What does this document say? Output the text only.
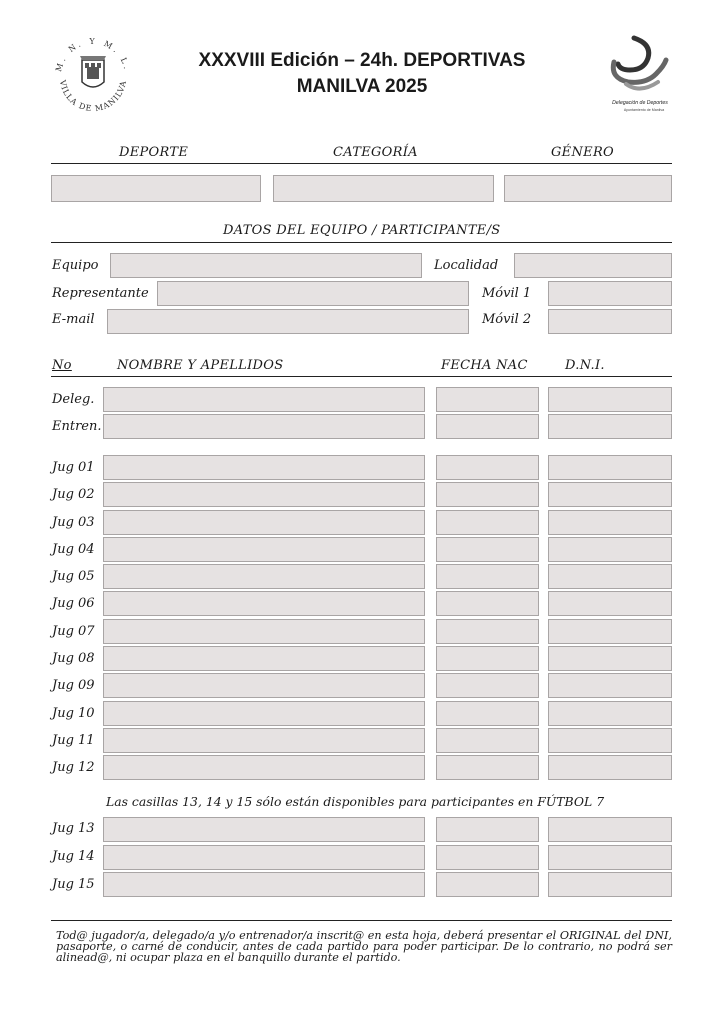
M. N. Y M. L.
VILLA DE MANILVA
XXXVIII Edición – 24h. DEPORTIVAS
MANILVA 2025
Delegación de Deportes
Ayuntamiento de Manilva
DEPORTE	CATEGORÍA	GÉNERO
DATOS DEL EQUIPO / PARTICIPANTE/S
Equipo	Localidad
Representante	Móvil 1
E-mail	Móvil 2
No	NOMBRE Y APELLIDOS	FECHA NAC	D.N.I.
Deleg.
Entren.
Jug 01
Jug 02
Jug 03
Jug 04
Jug 05
Jug 06
Jug 07
Jug 08
Jug 09
Jug 10
Jug 11
Jug 12
Las casillas 13, 14 y 15 sólo están disponibles para participantes en FÚTBOL 7
Jug 13
Jug 14
Jug 15
Tod@ jugador/a, delegado/a y/o entrenador/a inscrit@ en esta hoja, deberá presentar el ORIGINAL del DNI, pasaporte, o carné de conducir, antes de cada partido para poder participar. De lo contrario, no podrá ser alinead@, ni ocupar plaza en el banquillo durante el partido.
